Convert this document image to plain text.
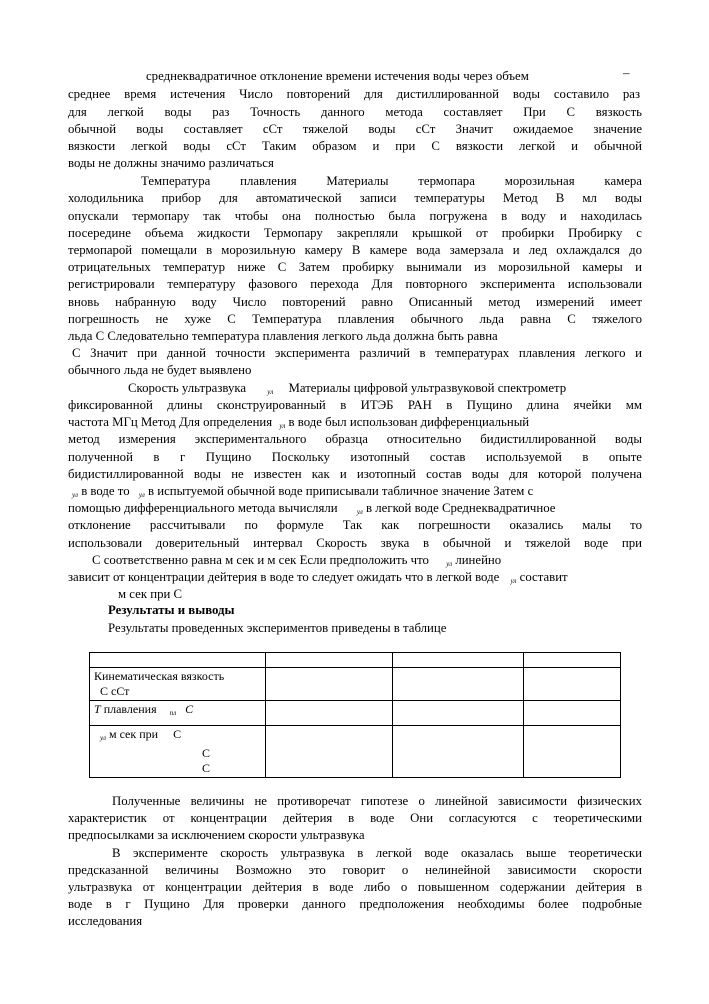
–

среднеквадратичное отклонение времени истечения воды через объем

среднее время истечения Число повторений для дистиллированной воды составило раз

для легкой воды раз Точность данного метода составляет При С вязкость

обычной воды составляет сСт тяжелой воды сСт Значит ожидаемое значение

вязкости легкой воды сСт Таким образом и при С вязкости легкой и обычной

воды не должны значимо различаться

Температура плавления Материалы термопара морозильная камера

холодильника прибор для автоматической записи температуры Метод В мл воды

опускали термопару так чтобы она полностью была погружена в воду и находилась

посередине объема жидкости Термопару закрепляли крышкой от пробирки Пробирку с

термопарой помещали в морозильную камеру В камере вода замерзала и лед охлаждался до

отрицательных температур ниже С Затем пробирку вынимали из морозильной камеры и

регистрировали температуру фазового перехода Для повторного эксперимента использовали

вновь набранную воду Число повторений равно Описанный метод измерений имеет

погрешность не хуже С Температура плавления обычного льда равна С тяжелого

льда С Следовательно температура плавления легкого льда должна быть равна

С Значит при данной точности эксперимента различий в температурах плавления легкого и

обычного льда не будет выявлено

Скорость ультразвука	$_{ул}$ Материалы цифровой ультразвуковой спектрометр

фиксированной длины сконструированный в ИТЭБ РАН в Пущино длина ячейки мм

частота МГц Метод Для определения $_{ул}$ в воде был использован дифференциальный

метод измерения экспериментального образца относительно бидистиллированной воды

полученной в г Пущино Поскольку изотопный состав используемой в опыте

бидистиллированной воды не известен как и изотопный состав воды для которой получена

$_{ул}$ в воде то $_{ул}$ в испытуемой обычной воде приписывали табличное значение Затем с

помощью дифференциального метода вычисляли	$_{ул}$ в легкой воде Среднеквадратичное

отклонение рассчитывали по формуле Так как погрешности оказались малы то

использовали доверительный интервал Скорость звука в обычной и тяжелой воде при

С соответственно равна м сек и м сек Если предположить что $_{ул}$ линейно

зависит от концентрации дейтерия в воде то следует ожидать что в легкой воде $_{ул}$ составит

м сек при С

Результаты и выводы

Результаты проведенных экспериментов приведены в таблице

Кинематическая вязкость
С сСт			

Т плавления $_{пл}$ С			

$_{ул}$ м сек при С
С
С			

Полученные величины не противоречат гипотезе о линейной зависимости физических

характеристик от концентрации дейтерия в воде Они согласуются с теоретическими

предпосылками за исключением скорости ультразвука

В эксперименте скорость ультразвука в легкой воде оказалась выше теоретически

предсказанной величины Возможно это говорит о нелинейной зависимости скорости

ультразвука от концентрации дейтерия в воде либо о повышенном содержании дейтерия в

воде в г Пущино Для проверки данного предположения необходимы более подробные

исследования
